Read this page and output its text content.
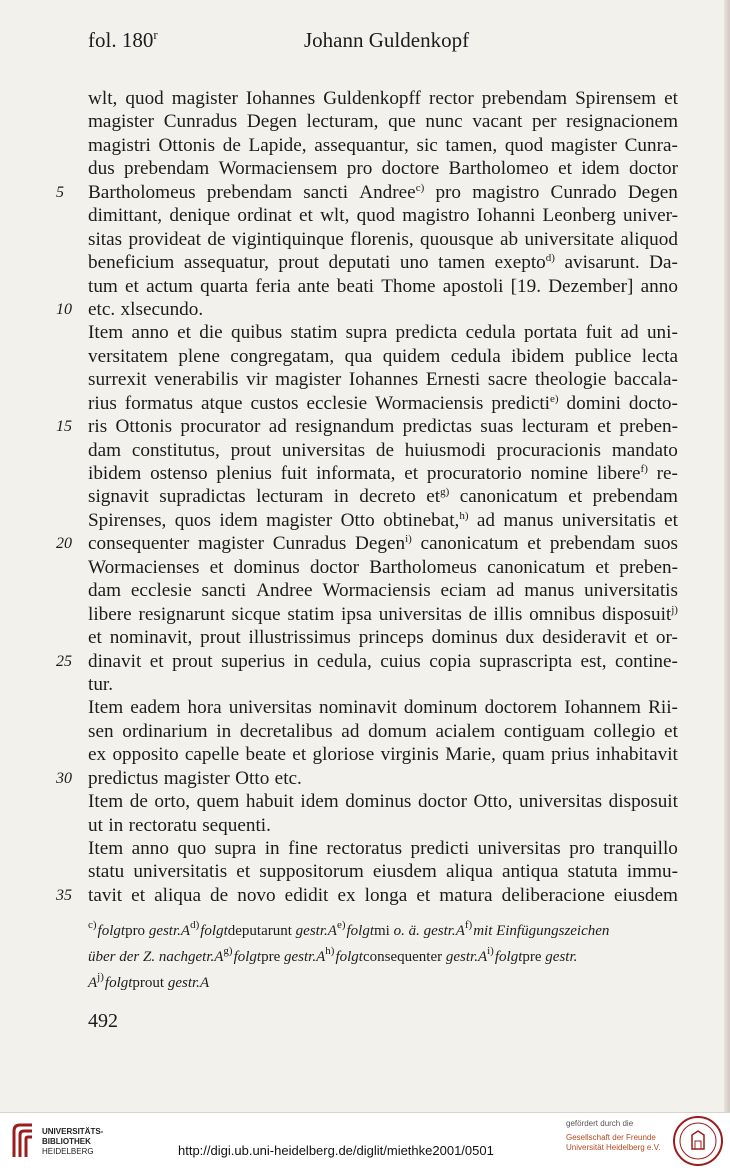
fol. 180$^r$	Johann Guldenkopf
wlt, quod magister Iohannes Guldenkopff rector prebendam Spirensem et
magister Cunradus Degen lecturam, que nunc vacant per resignacionem
magistri Ottonis de Lapide, assequantur, sic tamen, quod magister Cunra-
dus prebendam Wormaciensem pro doctore Bartholomeo et idem doctor
5	Bartholomeus prebendam sancti Andree$^{c)}$ pro magistro Cunrado Degen
dimittant, denique ordinat et wlt, quod magistro Iohanni Leonberg univer-
sitas provideat de vigintiquinque florenis, quousque ab universitate aliquod
beneficium assequatur, prout deputati uno tamen exepto$^{d)}$ avisarunt. Da-
tum et actum quarta feria ante beati Thome apostoli [19. Dezember] anno
10 etc. xlsecundo.
Item anno et die quibus statim supra predicta cedula portata fuit ad uni-
versitatem plene congregatam, qua quidem cedula ibidem publice lecta
surrexit venerabilis vir magister Iohannes Ernesti sacre theologie baccala-
rius formatus atque custos ecclesie Wormaciensis predicti$^{e)}$ domini docto-
15 ris Ottonis procurator ad resignandum predictas suas lecturam et preben-
dam constitutus, prout universitas de huiusmodi procuracionis mandato
ibidem ostenso plenius fuit informata, et procuratorio nomine libere$^{f)}$ re-
signavit supradictas lecturam in decreto $et^{g)}$ canonicatum et prebendam
Spirenses, quos idem magister Otto obtinebat,$^{h)}$ ad manus universitatis et
20 consequenter magister Cunradus Degen$^{i)}$ canonicatum et prebendam suos
Wormacienses et dominus doctor Bartholomeus canonicatum et preben-
dam ecclesie sancti Andree Wormaciensis eciam ad manus universitatis
libere resignarunt sicque statim ipsa universitas de illis omnibus disposuit$^{j)}$
et nominavit, prout illustrissimus princeps dominus dux desideravit et or-
25 dinavit et prout superius in cedula, cuius copia suprascripta est, contine-
tur.
Item eadem hora universitas nominavit dominum doctorem Iohannem Rii-
sen ordinarium in decretalibus ad domum acialem contiguam collegio et
ex opposito capelle beate et gloriose virginis Marie, quam prius inhabitavit
30 predictus magister Otto etc.
Item de orto, quem habuit idem dominus doctor Otto, universitas disposuit
ut in rectoratu sequenti.
Item anno quo supra in fine rectoratus predicti universitas pro tranquillo
statu universitatis et suppositorum eiusdem aliqua antiqua statuta immu-
35 tavit et aliqua de novo edidit ex longa et matura deliberacione eiusdem
$^{c)}$folgtpro $gestr.A^{d)}folgtdeputarunt$ $gestr.A^{e)}folgtmi$ o. ä. $gestr.A^{f)}mit$ Einfügungszeichen
über der Z. $nachgetr.A^{g)}folgtpre$ $gestr.A^{h)}folgtconsequenter$ $gestr.A^{i)}folgtpre$ gestr.
$A^{j)}folgtprout$ gestr.A
492
UNIVERSITÄTS-
BIBLIOTHEK
HEIDELBERG	http://digi.ub.uni-heidelberg.de/diglit/miethke2001/0501
gefördert durch die
Gesellschaft der Freunde
Universität Heidelberg e.V.
